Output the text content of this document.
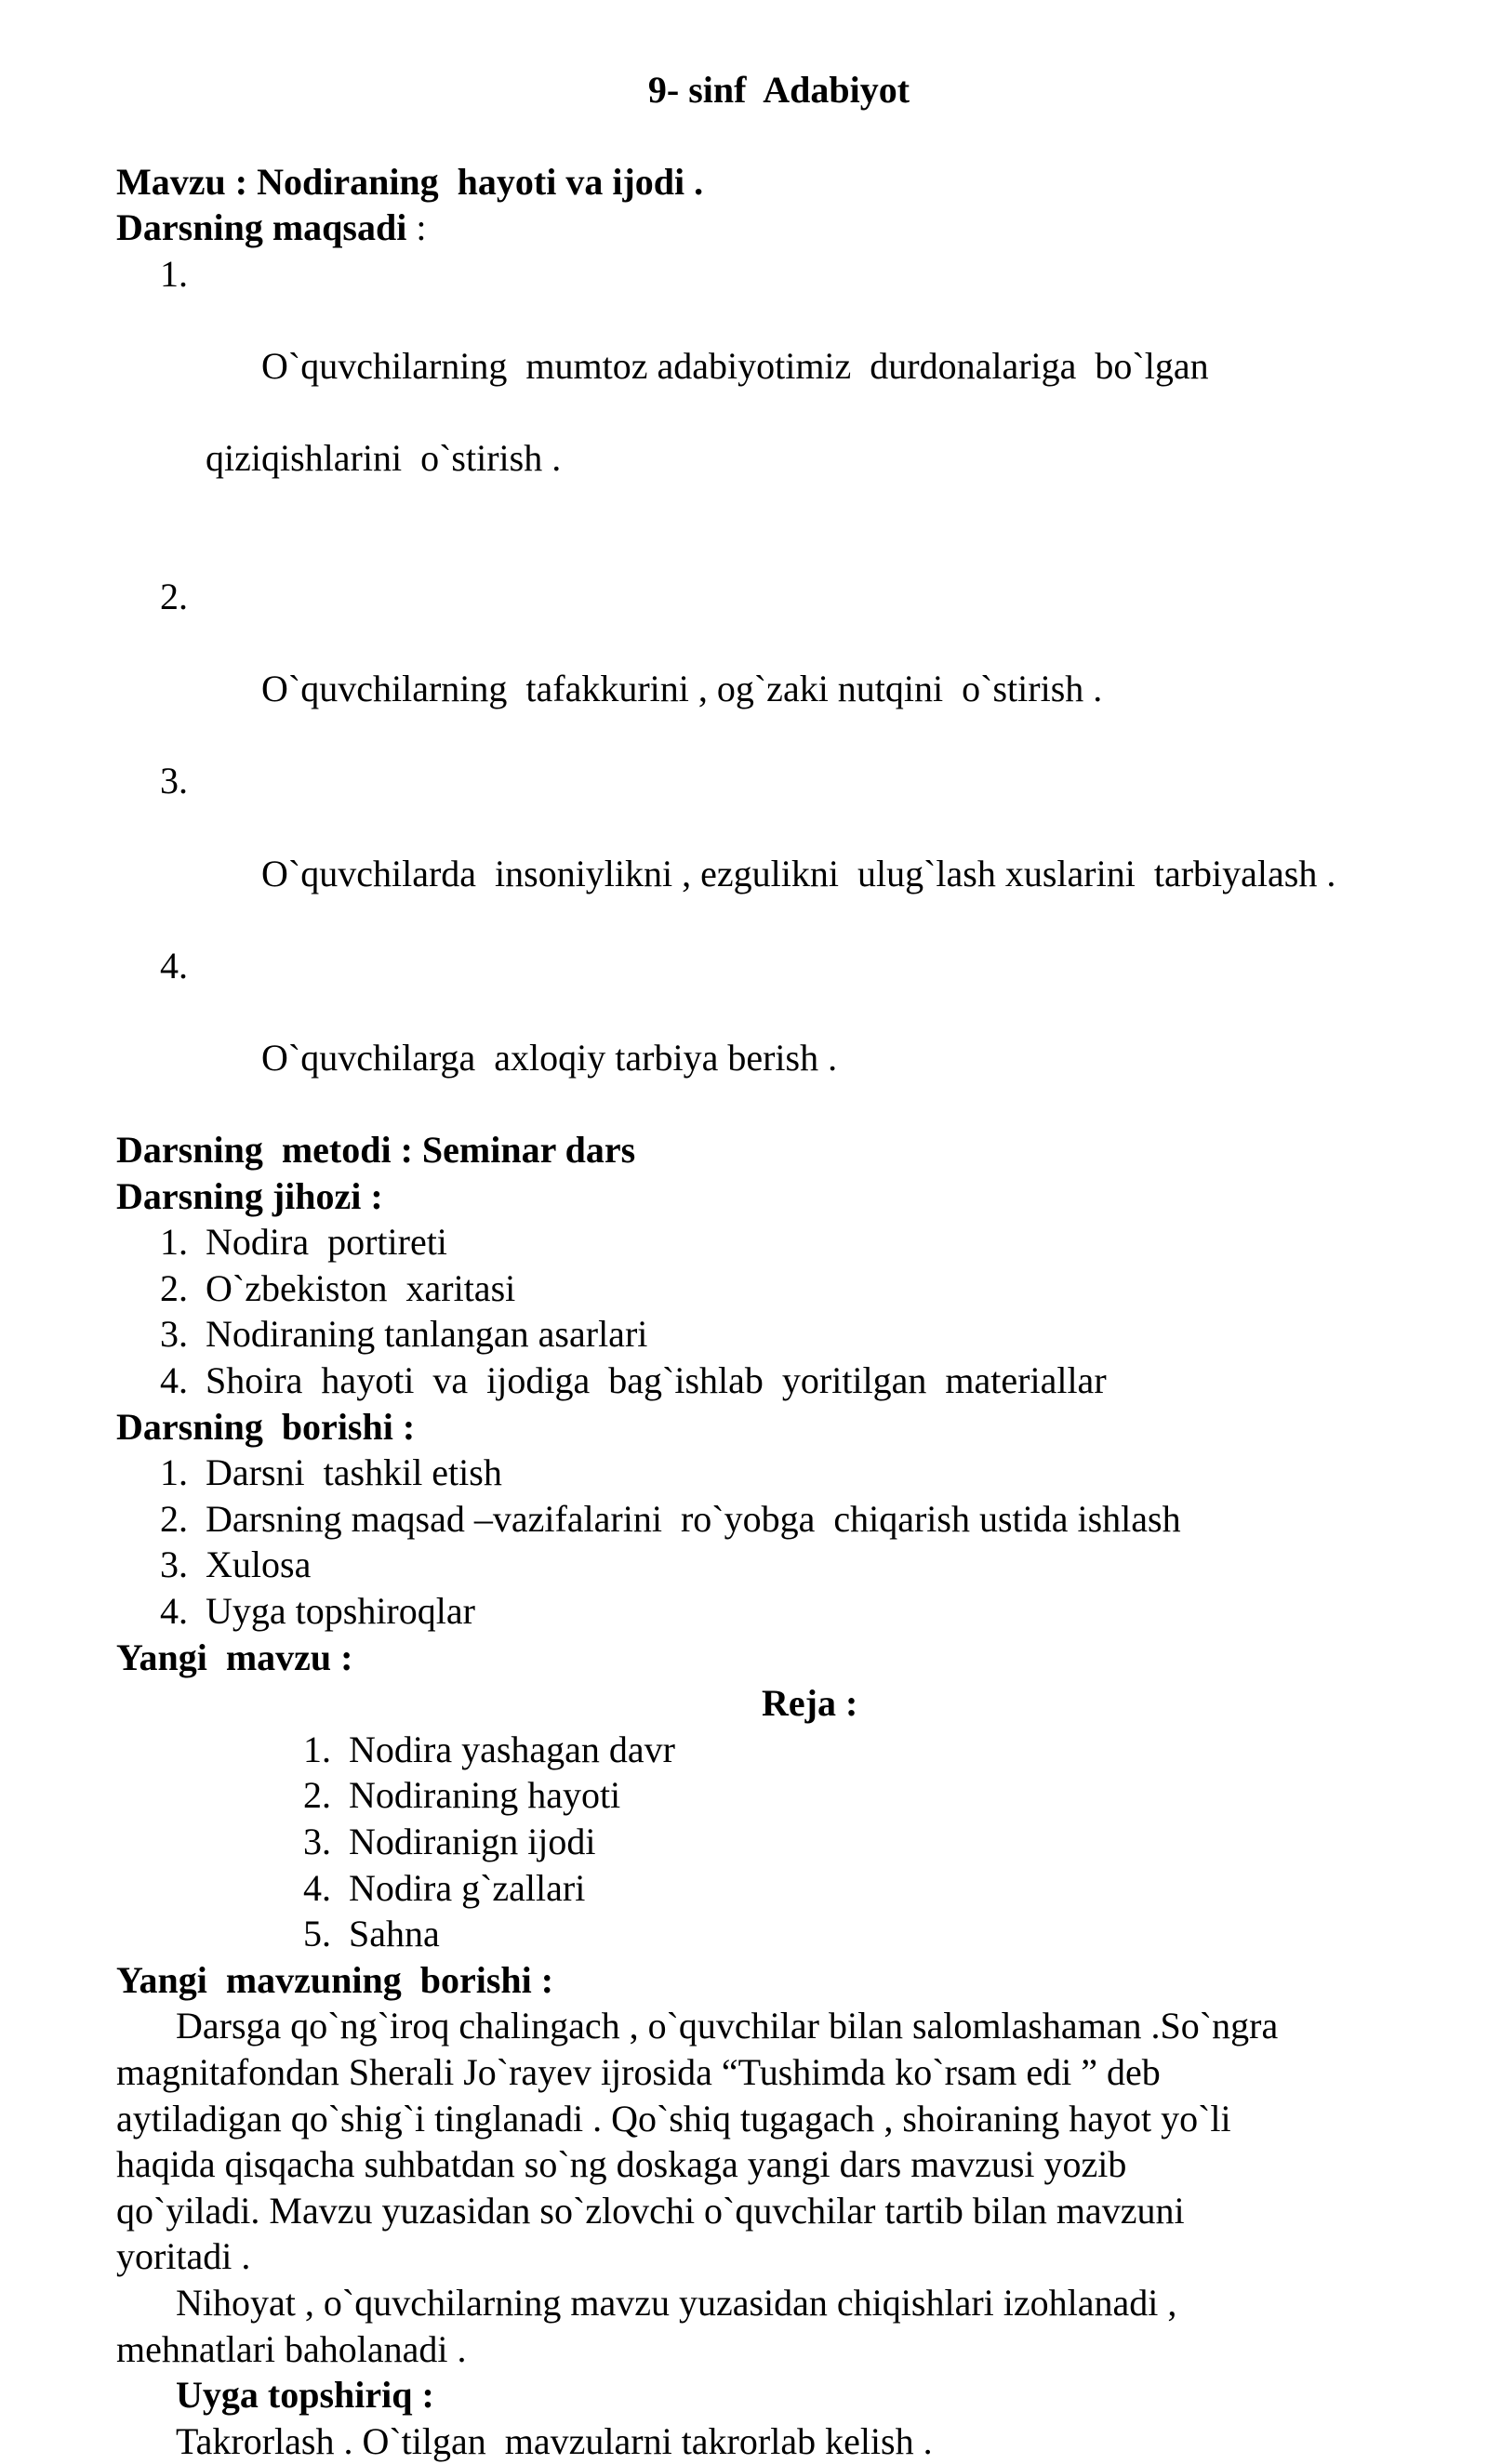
9- sinf  Adabiyot
Mavzu : Nodiraning  hayoti va ijodi .
Darsning maqsadi :

1.

O`quvchilarning  mumtoz adabiyotimiz  durdonalariga  bo`lgan

qiziqishlarini  o`stirish .

2.

O`quvchilarning  tafakkurini , og`zaki nutqini  o`stirish .

3.

O`quvchilarda  insoniylikni , ezgulikni  ulug`lash xuslarini  tarbiyalash .

4.

O`quvchilarga  axloqiy tarbiya berish .

Darsning  metodi : Seminar dars
Darsning jihozi :
1. Nodira  portireti
2. O`zbekiston  xaritasi
3. Nodiraning tanlangan asarlari
4. Shoira  hayoti  va  ijodiga  bag`ishlab  yoritilgan  materiallar
Darsning  borishi :
1. Darsni  tashkil etish
2. Darsning maqsad –vazifalarini  ro`yobga  chiqarish ustida ishlash
3. Xulosa
4. Uyga topshiroqlar
Yangi  mavzu :
Reja :
1. Nodira yashagan davr
2. Nodiraning hayoti
3. Nodiranign ijodi
4. Nodira g`zallari
5. Sahna
Yangi  mavzuning  borishi :
Darsga qo`ng`iroq chalingach , o`quvchilar bilan salomlashaman .So`ngra
magnitafondan Sherali Jo`rayev ijrosida “Tushimda ko`rsam edi ” deb
aytiladigan qo`shig`i tinglanadi . Qo`shiq tugagach , shoiraning hayot yo`li
haqida qisqacha suhbatdan so`ng doskaga yangi dars mavzusi yozib
qo`yiladi. Mavzu yuzasidan so`zlovchi o`quvchilar tartib bilan mavzuni
yoritadi .
Nihoyat , o`quvchilarning mavzu yuzasidan chiqishlari izohlanadi ,
mehnatlari baholanadi .
Uyga topshiriq :
Takrorlash . O`tilgan  mavzularni takrorlab kelish .
